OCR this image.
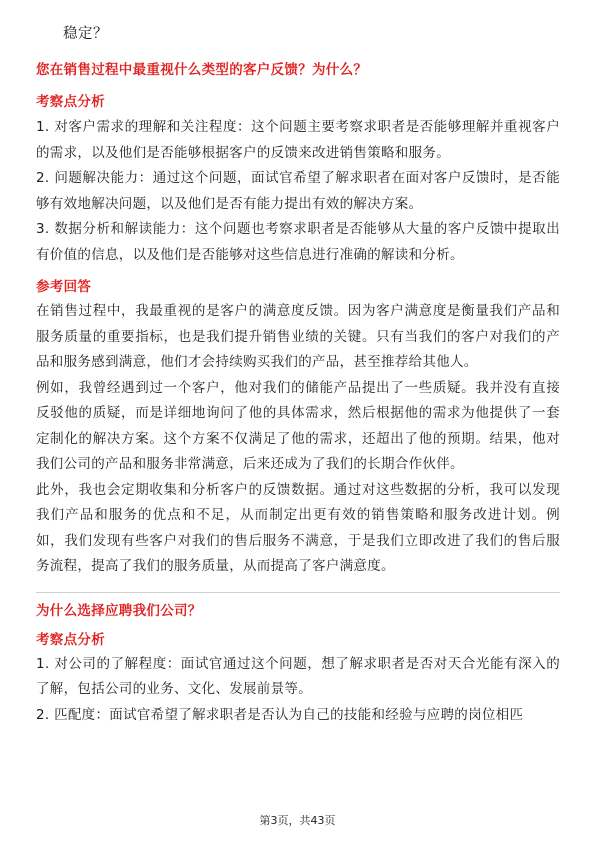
稳定？

您在销售过程中最重视什么类型的客户反馈？为什么？

考察点分析

1. 对客户需求的理解和关注程度：这个问题主要考察求职者是否能够理解并重视客户的需求，以及他们是否能够根据客户的反馈来改进销售策略和服务。

2. 问题解决能力：通过这个问题，面试官希望了解求职者在面对客户反馈时，是否能够有效地解决问题，以及他们是否有能力提出有效的解决方案。

3. 数据分析和解读能力：这个问题也考察求职者是否能够从大量的客户反馈中提取出有价值的信息，以及他们是否能够对这些信息进行准确的解读和分析。

参考回答

在销售过程中，我最重视的是客户的满意度反馈。因为客户满意度是衡量我们产品和服务质量的重要指标，也是我们提升销售业绩的关键。只有当我们的客户对我们的产品和服务感到满意，他们才会持续购买我们的产品，甚至推荐给其他人。

例如，我曾经遇到过一个客户，他对我们的储能产品提出了一些质疑。我并没有直接反驳他的质疑，而是详细地询问了他的具体需求，然后根据他的需求为他提供了一套定制化的解决方案。这个方案不仅满足了他的需求，还超出了他的预期。结果，他对我们公司的产品和服务非常满意，后来还成为了我们的长期合作伙伴。

此外，我也会定期收集和分析客户的反馈数据。通过对这些数据的分析，我可以发现我们产品和服务的优点和不足，从而制定出更有效的销售策略和服务改进计划。例如，我们发现有些客户对我们的售后服务不满意，于是我们立即改进了我们的售后服务流程，提高了我们的服务质量，从而提高了客户满意度。

为什么选择应聘我们公司？

考察点分析

1. 对公司的了解程度：面试官通过这个问题，想了解求职者是否对天合光能有深入的了解，包括公司的业务、文化、发展前景等。

2. 匹配度：面试官希望了解求职者是否认为自己的技能和经验与应聘的岗位相匹

第3页，共43页
